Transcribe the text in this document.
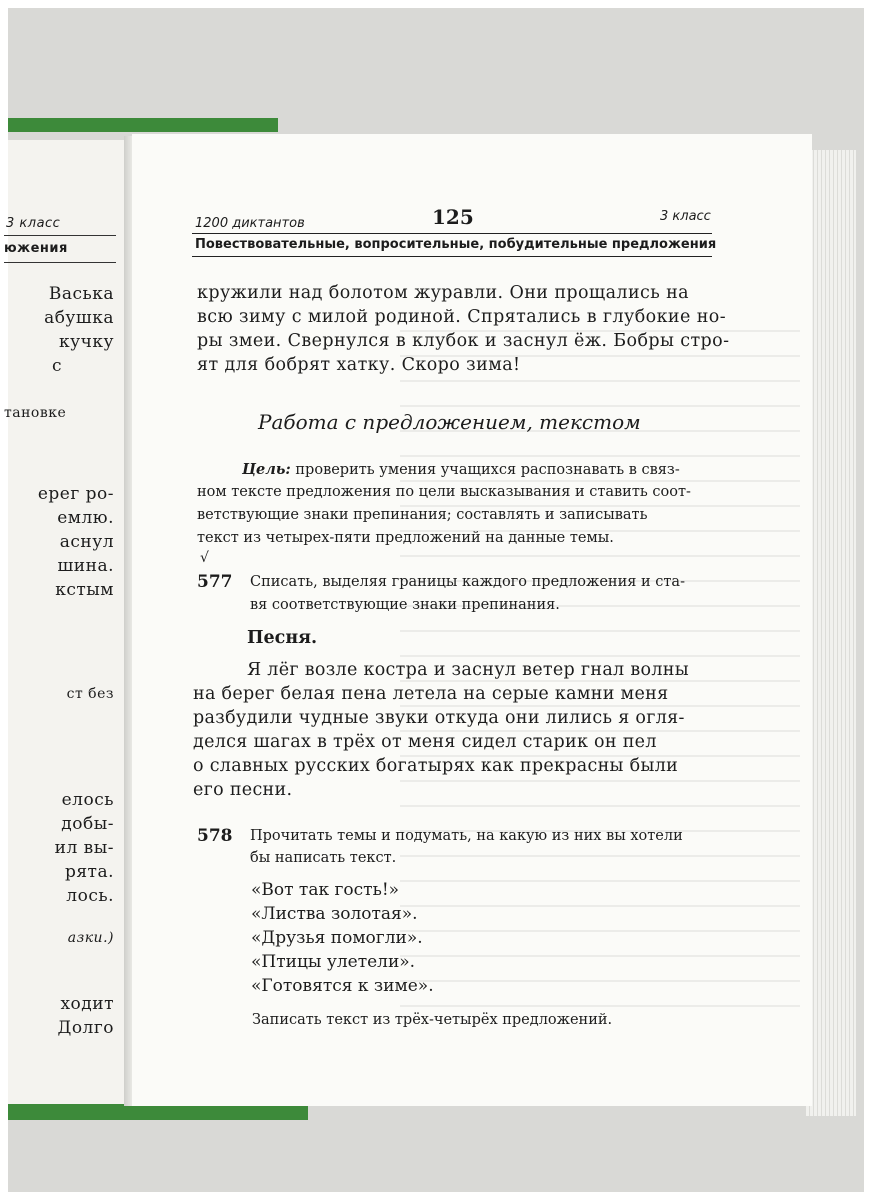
3 класс
южения
Васька
абушка
кучку
с
тановке
ерег ро-
емлю.
аснул
шина.
кстым
ст без
елось
добы-
ил вы-
рята.
лось.
азки.)
ходит
Долго
1200 диктантов	125	3 класс
Повествовательные, вопросительные, побудительные предложения
кружили над болотом журавли. Они прощались на
всю зиму с милой родиной. Спрятались в глубокие но-
ры змеи. Свернулся в клубок и заснул ёж. Бобры стро-
ят для бобрят хатку. Скоро зима!
Работа с предложением, текстом
Цель: проверить умения учащихся распознавать в связ-
ном тексте предложения по цели высказывания и ставить соот-
ветствующие знаки препинания; составлять и записывать
текст из четырех-пяти предложений на данные темы.
√
577 Списать, выделяя границы каждого предложения и ста-
вя соответствующие знаки препинания.
Песня.
Я лёг возле костра и заснул ветер гнал волны
на берег белая пена летела на серые камни меня
разбудили чудные звуки откуда они лились я огля-
делся шагах в трёх от меня сидел старик он пел
о славных русских богатырях как прекрасны были
его песни.
578 Прочитать темы и подумать, на какую из них вы хотели
бы написать текст.
«Вот так гость!»
«Листва золотая».
«Друзья помогли».
«Птицы улетели».
«Готовятся к зиме».
Записать текст из трёх-четырёх предложений.
